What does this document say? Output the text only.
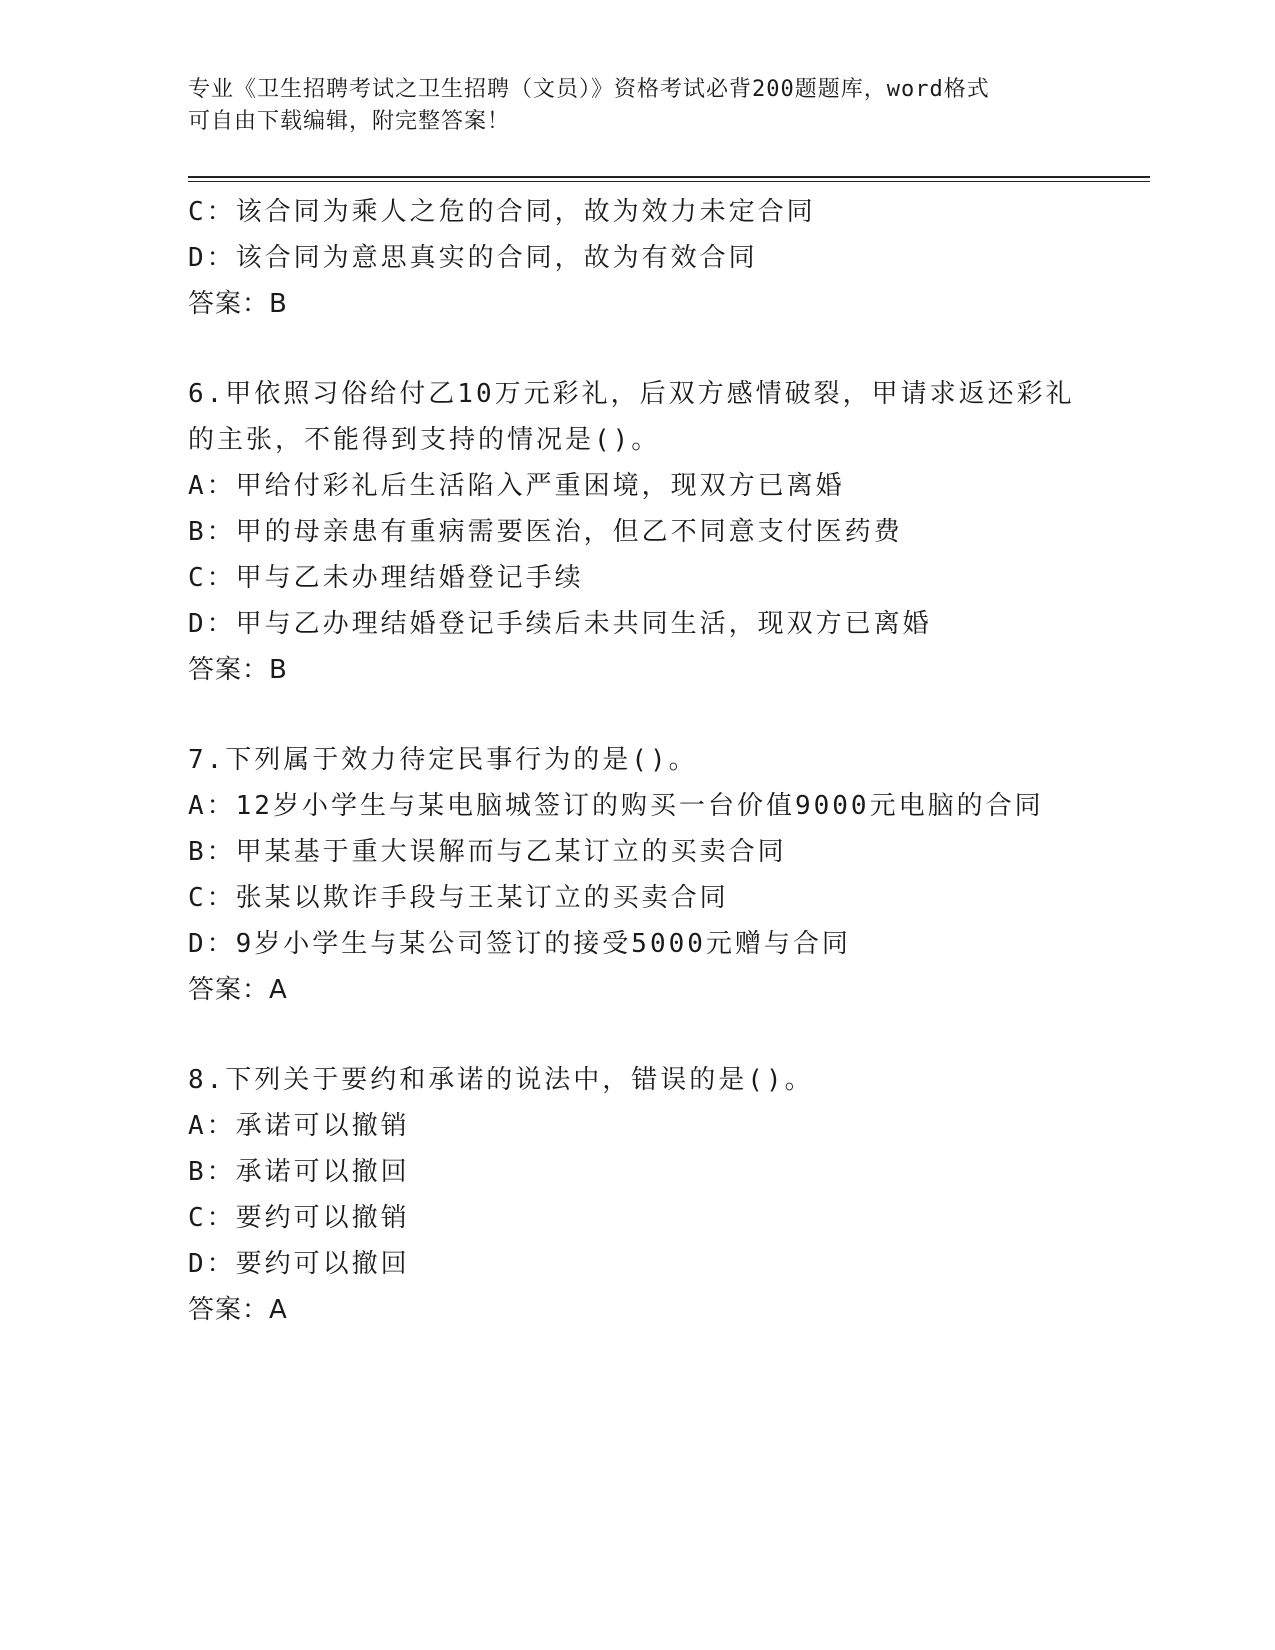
专业《卫生招聘考试之卫生招聘（文员）》资格考试必背200题题库，word格式
可自由下载编辑，附完整答案！
C：该合同为乘人之危的合同，故为效力未定合同
D：该合同为意思真实的合同，故为有效合同
答案：B
6.甲依照习俗给付乙10万元彩礼，后双方感情破裂，甲请求返还彩礼
的主张，不能得到支持的情况是()。
A：甲给付彩礼后生活陷入严重困境，现双方已离婚
B：甲的母亲患有重病需要医治，但乙不同意支付医药费
C：甲与乙未办理结婚登记手续
D：甲与乙办理结婚登记手续后未共同生活，现双方已离婚
答案：B
7.下列属于效力待定民事行为的是()。
A：12岁小学生与某电脑城签订的购买一台价值9000元电脑的合同
B：甲某基于重大误解而与乙某订立的买卖合同
C：张某以欺诈手段与王某订立的买卖合同
D：9岁小学生与某公司签订的接受5000元赠与合同
答案：A
8.下列关于要约和承诺的说法中，错误的是()。
A：承诺可以撤销
B：承诺可以撤回
C：要约可以撤销
D：要约可以撤回
答案：A
